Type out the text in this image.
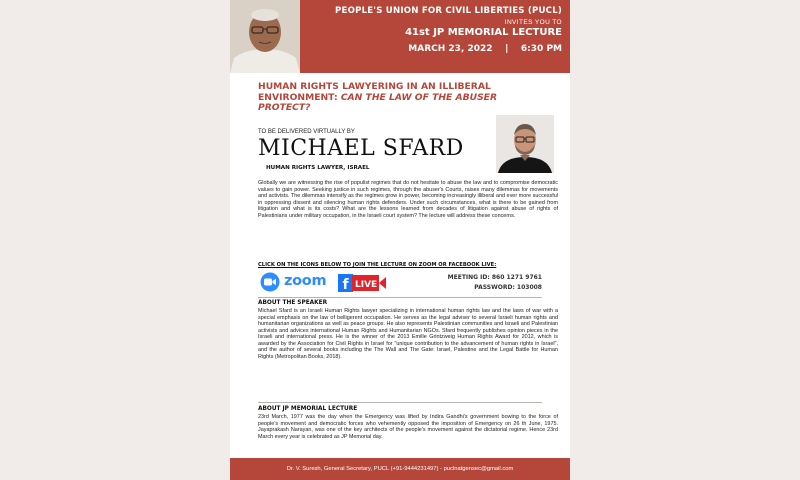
PEOPLE'S UNION FOR CIVIL LIBERTIES (PUCL)
INVITES YOU TO
41st JP MEMORIAL LECTURE
MARCH 23, 2022 | 6:30 PM
HUMAN RIGHTS LAWYERING IN AN ILLIBERAL
ENVIRONMENT: CAN THE LAW OF THE ABUSER
PROTECT?
TO BE DELIVERED VIRTUALLY BY
MICHAEL SFARD
HUMAN RIGHTS LAWYER, ISRAEL
Globally we are witnessing the rise of populist regimes that do not hesitate to abuse the law and to compromise democratic values to gain power. Seeking justice in such regimes, through the abuser's Courts, raises many dilemmas for movements and activists. The dilemmas intensify as the regimes grow in power, becoming increasingly illiberal and ever more successful in oppressing dissent and silencing human rights defenders. Under such circumstances, what is there to be gained from litigation and what is its costs? What are the lessons learned from decades of litigation against abuse of rights of Palestinians under military occupation, in the Israeli court system? The lecture will address these concerns.
CLICK ON THE ICONS BELOW TO JOIN THE LECTURE ON ZOOM OR FACEBOOK LIVE:
zoom f LIVE
MEETING ID: 860 1271 9761
PASSWORD: 103008
ABOUT THE SPEAKER
Michael Sfard is an Israeli Human Rights lawyer specializing in international human rights law and the laws of war with a special emphasis on the law of belligerent occupation. He serves as the legal adviser to several Israeli human rights and humanitarian organizations as well as peace groups. He also represents Palestinian communities and Israeli and Palestinian activists and advices international Human Rights and Humanitarian NGOs. Sfard frequently publishes opinion pieces in the Israeli and international press. He is the winner of the 2013 Emille Grintzweig Human Rights Award for 2012, which is awarded by the Association for Civil Rights in Israel for "unique contribution to the advancement of human rights in Israel", and the author of several books including the The Wall and The Gate: Israel, Palestine and the Legal Battle for Human Rights (Metropolitan Books, 2018).
ABOUT JP MEMORIAL LECTURE
23rd March, 1977 was the day when the Emergency was lifted by Indira Gandhi's government bowing to the force of people's movement and democratic forces who vehemently opposed the imposition of Emergency on 26 th June, 1975. Jayaprakash Narayan, was one of the key architects of the people's movement against the dictatorial regime. Hence 23rd March every year is celebrated as JP Memorial day.
Dr. V. Suresh, General Secretary, PUCL (+91-9444231497) - puclnatgensec@gmail.com
